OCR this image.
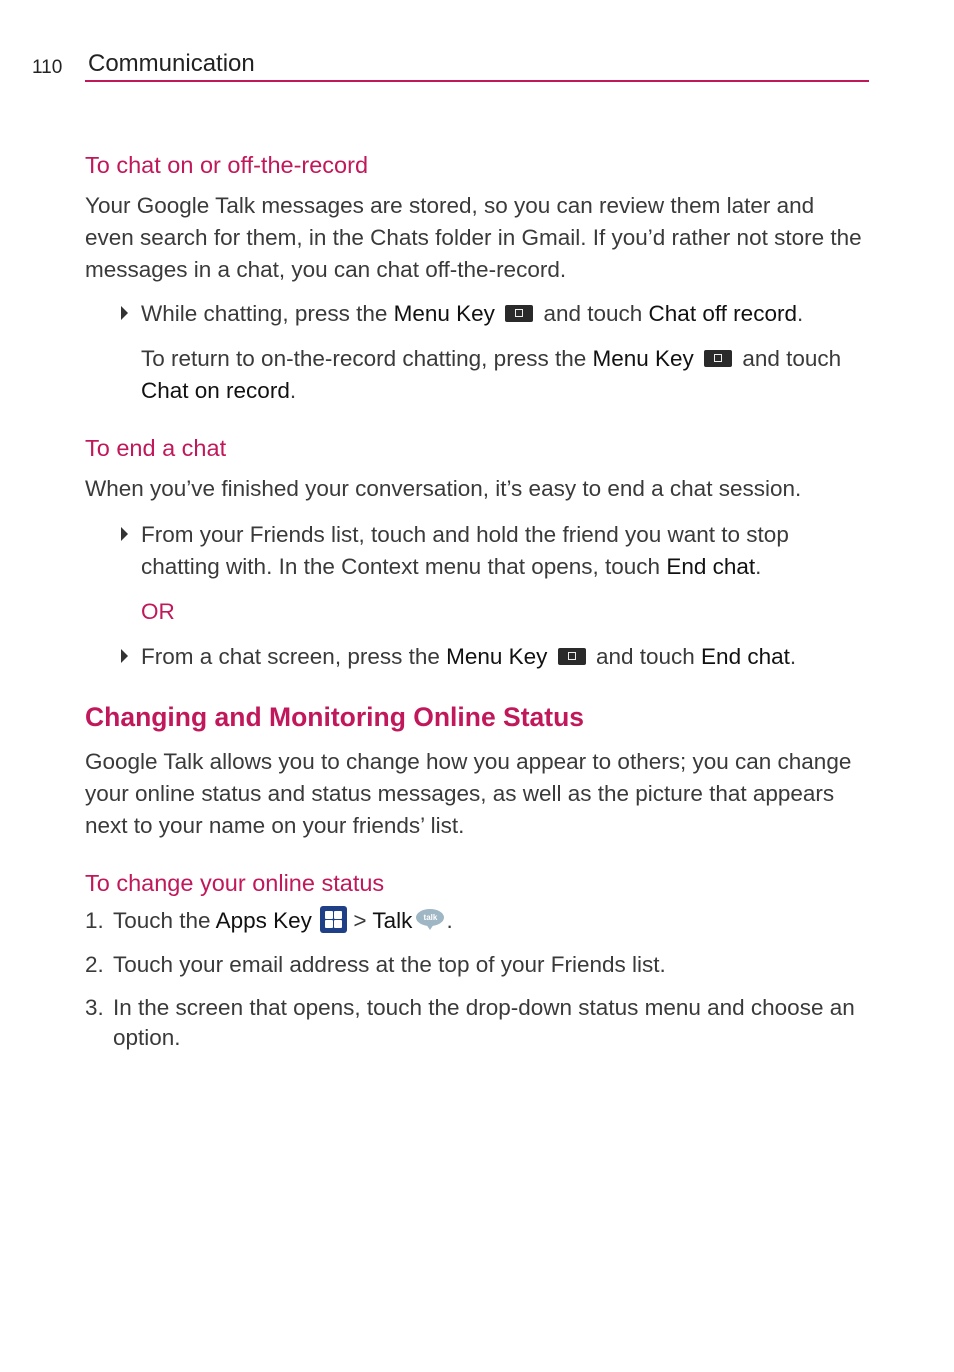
110 Communication

To chat on or off-the-record

Your Google Talk messages are stored, so you can review them later and even search for them, in the Chats folder in Gmail. If you’d rather not store the messages in a chat, you can chat off-the-record.

While chatting, press the Menu Key  and touch Chat off record.

To return to on-the-record chatting, press the Menu Key  and touch Chat on record.

To end a chat

When you’ve finished your conversation, it’s easy to end a chat session.

From your Friends list, touch and hold the friend you want to stop chatting with. In the Context menu that opens, touch End chat.

OR

From a chat screen, press the Menu Key  and touch End chat.

Changing and Monitoring Online Status

Google Talk allows you to change how you appear to others; you can change your online status and status messages, as well as the picture that appears next to your name on your friends’ list.

To change your online status

1. Touch the Apps Key
> Talk	talk .

2. Touch your email address at the top of your Friends list.

3. In the screen that opens, touch the drop-down status menu and choose an option.
